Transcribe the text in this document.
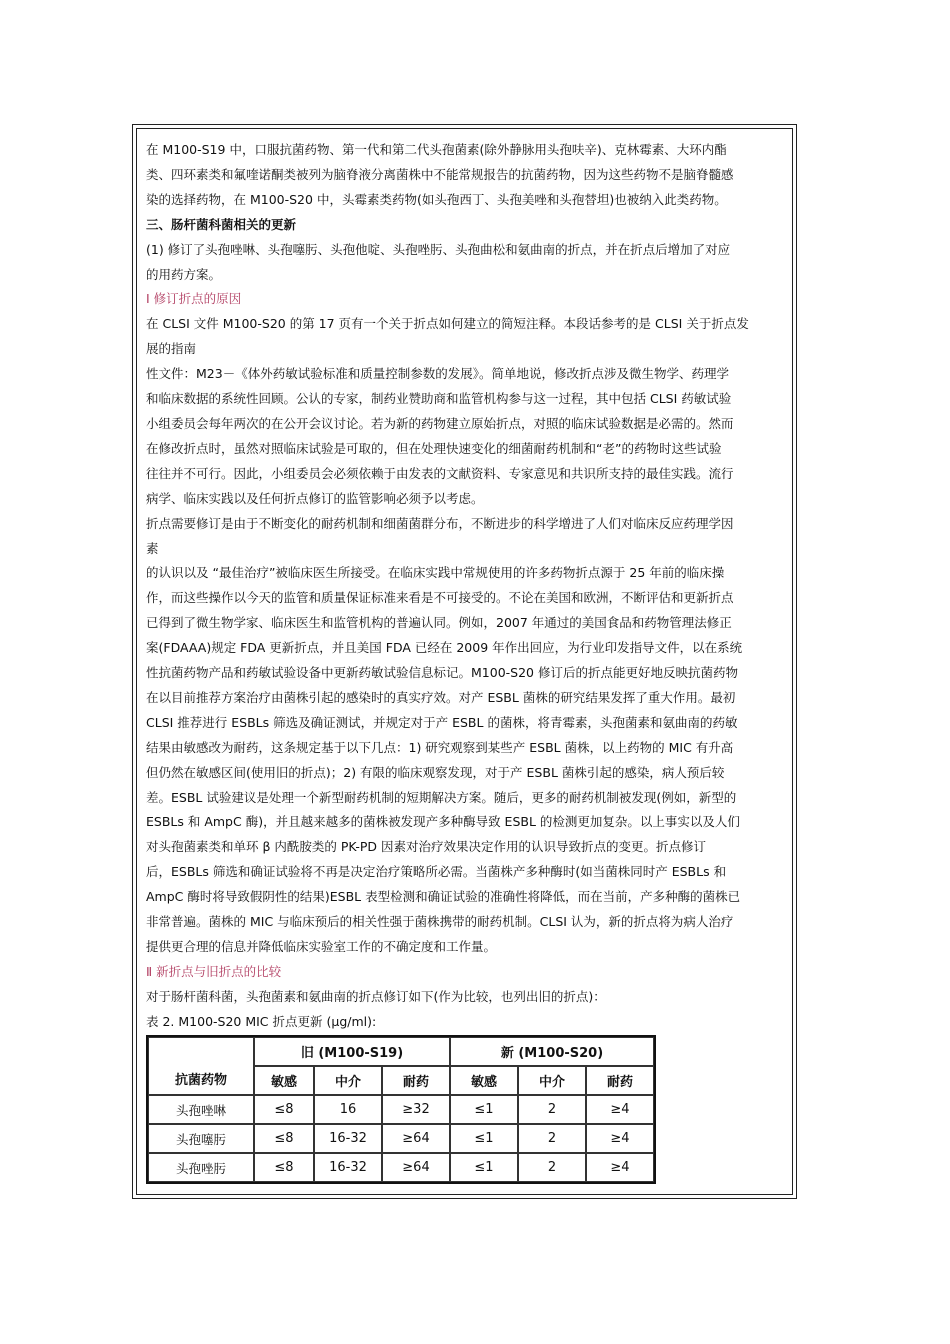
在 M100-S19 中，口服抗菌药物、第一代和第二代头孢菌素(除外静脉用头孢呋辛)、克林霉素、大环内酯

类、四环素类和氟喹诺酮类被列为脑脊液分离菌株中不能常规报告的抗菌药物，因为这些药物不是脑脊髓感

染的选择药物，在 M100-S20 中，头霉素类药物(如头孢西丁、头孢美唑和头孢替坦)也被纳入此类药物。

三、肠杆菌科菌相关的更新

(1) 修订了头孢唑啉、头孢噻肟、头孢他啶、头孢唑肟、头孢曲松和氨曲南的折点，并在折点后增加了对应

的用药方案。

Ⅰ 修订折点的原因

在 CLSI 文件 M100-S20 的第 17 页有一个关于折点如何建立的简短注释。本段话参考的是 CLSI 关于折点发

展的指南

性文件：M23－《体外药敏试验标准和质量控制参数的发展》。简单地说，修改折点涉及微生物学、药理学

和临床数据的系统性回顾。公认的专家，制药业赞助商和监管机构参与这一过程，其中包括 CLSI 药敏试验

小组委员会每年两次的在公开会议讨论。若为新的药物建立原始折点，对照的临床试验数据是必需的。然而

在修改折点时，虽然对照临床试验是可取的，但在处理快速变化的细菌耐药机制和“老”的药物时这些试验

往往并不可行。因此，小组委员会必须依赖于由发表的文献资料、专家意见和共识所支持的最佳实践。流行

病学、临床实践以及任何折点修订的监管影响必须予以考虑。

折点需要修订是由于不断变化的耐药机制和细菌菌群分布，不断进步的科学增进了人们对临床反应药理学因

素

的认识以及 “最佳治疗”被临床医生所接受。在临床实践中常规使用的许多药物折点源于 25 年前的临床操

作，而这些操作以今天的监管和质量保证标准来看是不可接受的。不论在美国和欧洲，不断评估和更新折点

已得到了微生物学家、临床医生和监管机构的普遍认同。例如，2007 年通过的美国食品和药物管理法修正

案(FDAAA)规定 FDA 更新折点，并且美国 FDA 已经在 2009 年作出回应，为行业印发指导文件，以在系统

性抗菌药物产品和药敏试验设备中更新药敏试验信息标记。M100-S20 修订后的折点能更好地反映抗菌药物

在以目前推荐方案治疗由菌株引起的感染时的真实疗效。对产 ESBL 菌株的研究结果发挥了重大作用。最初

CLSI 推荐进行 ESBLs 筛选及确证测试，并规定对于产 ESBL 的菌株，将青霉素，头孢菌素和氨曲南的药敏

结果由敏感改为耐药，这条规定基于以下几点：1) 研究观察到某些产 ESBL 菌株，以上药物的 MIC 有升高

但仍然在敏感区间(使用旧的折点)；2) 有限的临床观察发现，对于产 ESBL 菌株引起的感染，病人预后较

差。ESBL 试验建议是处理一个新型耐药机制的短期解决方案。随后，更多的耐药机制被发现(例如，新型的

ESBLs 和 AmpC 酶)，并且越来越多的菌株被发现产多种酶导致 ESBL 的检测更加复杂。以上事实以及人们

对头孢菌素类和单环 β 内酰胺类的 PK-PD 因素对治疗效果决定作用的认识导致折点的变更。折点修订

后，ESBLs 筛选和确证试验将不再是决定治疗策略所必需。当菌株产多种酶时(如当菌株同时产 ESBLs 和

AmpC 酶时将导致假阴性的结果)ESBL 表型检测和确证试验的准确性将降低，而在当前，产多种酶的菌株已

非常普遍。菌株的 MIC 与临床预后的相关性强于菌株携带的耐药机制。CLSI 认为，新的折点将为病人治疗

提供更合理的信息并降低临床实验室工作的不确定度和工作量。

Ⅱ 新折点与旧折点的比较

对于肠杆菌科菌，头孢菌素和氨曲南的折点修订如下(作为比较，也列出旧的折点)：

表 2. M100-S20 MIC 折点更新 (μg/ml):

抗菌药物	旧 (M100-S19)			新 (M100-S20)		
	敏感	中介	耐药	敏感	中介	耐药
头孢唑啉	≤8	16	≥32	≤1	2	≥4
头孢噻肟	≤8	16-32	≥64	≤1	2	≥4
头孢唑肟	≤8	16-32	≥64	≤1	2	≥4
